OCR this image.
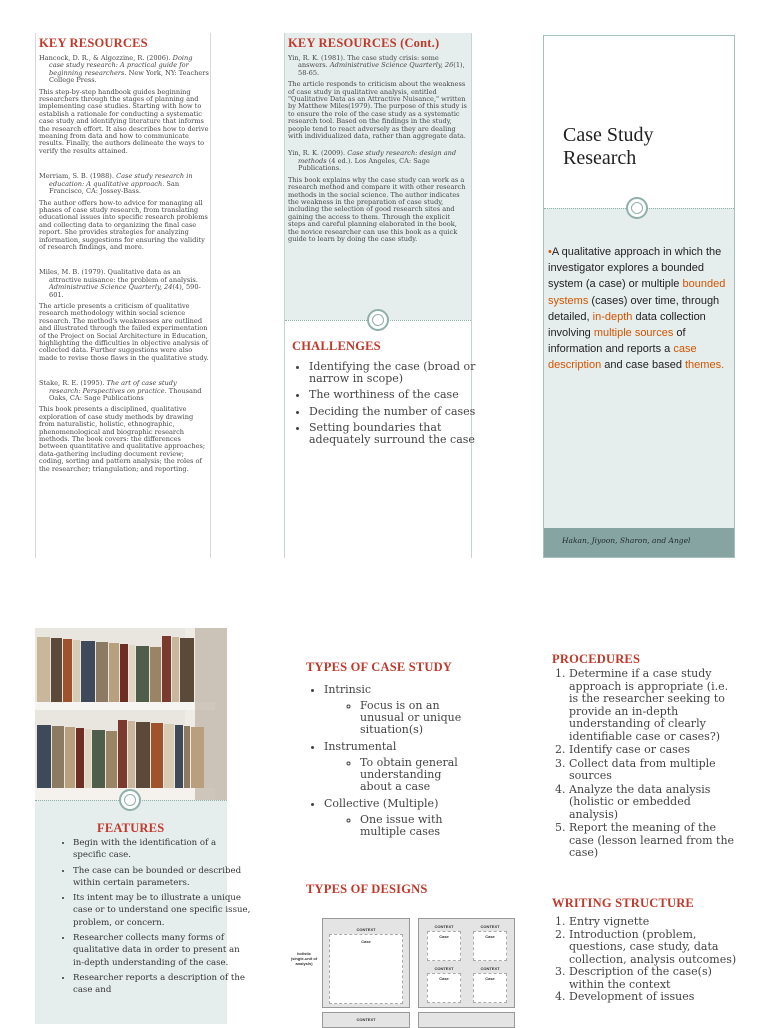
KEY RESOURCES
Hancock, D. R., & Algozzine, R. (2006). Doing case study research: A practical guide for beginning researchers. New York, NY: Teachers College Press.
This step-by-step handbook guides beginning researchers through the stages of planning and implementing case studies. Starting with how to establish a rationale for conducting a systematic case study and identifying literature that informs the research effort. It also describes how to derive meaning from data and how to communicate results. Finally, the authors delineate the ways to verify the results attained.
Merriam, S. B. (1988). Case study research in education: A qualitative approach. San Francisco, CA: Jossey-Bass.
The author offers how-to advice for managing all phases of case study research, from translating educational issues into specific research problems and collecting data to organizing the final case report. She provides strategies for analyzing information, suggestions for ensuring the validity of research findings, and more.
Miles, M. B. (1979). Qualitative data as an attractive nuisance: the problem of analysis. Administrative Science Quarterly, 24(4), 590-601.
The article presents a criticism of qualitative research methodology within social science research. The method's weaknesses are outlined and illustrated through the failed experimentation of the Project on Social Architecture in Education, highlighting the difficulties in objective analysis of collected data. Further suggestions were also made to revise those flaws in the qualitative study.
Stake, R. E. (1995). The art of case study research: Perspectives on practice. Thousand Oaks, CA: Sage Publications
This book presents a disciplined, qualitative exploration of case study methods by drawing from naturalistic, holistic, ethnographic, phenomenological and biographic research methods. The book covers: the differences between quantitative and qualitative approaches; data-gathering including document review; coding, sorting and pattern analysis; the roles of the researcher; triangulation; and reporting.
KEY RESOURCES (Cont.)
Yin, R. K. (1981). The case study crisis: some answers. Administrative Science Quarterly, 26(1), 58-65.
The article responds to criticism about the weakness of case study in qualitative analysis, entitled "Qualitative Data as an Attractive Nuisance," written by Matthew Miles(1979). The purpose of this study is to ensure the role of the case study as a systematic research tool. Based on the findings in the study, people tend to react adversely as they are dealing with individualized data, rather than aggregate data.
Yin, R. K. (2009). Case study research: design and methods (4 ed.). Los Angeles, CA: Sage Publications.
This book explains why the case study can work as a research method and compare it with other research methods in the social science. The author indicates the weakness in the preparation of case study, including the selection of good research sites and gaining the access to them. Through the explicit steps and careful planning elaborated in the book, the novice researcher can use this book as a quick guide to learn by doing the case study.
CHALLENGES
• Identifying the case (broad or narrow in scope)
• The worthiness of the case
• Deciding the number of cases
• Setting boundaries that adequately surround the case
Case Study
Research
•A qualitative approach in which the investigator explores a bounded system (a case) or multiple bounded systems (cases) over time, through detailed, in-depth data collection involving multiple sources of information and reports a case description and case based themes.
Hakan, Jiyoon, Sharon, and Angel
FEATURES
• Begin with the identification of a specific case.
• The case can be bounded or described within certain parameters.
• Its intent may be to illustrate a unique case or to understand one specific issue, problem, or concern.
• Researcher collects many forms of qualitative data in order to present an in-depth understanding of the case.
• Researcher reports a description of the case and
TYPES OF CASE STUDY
• Intrinsic
◦ Focus is on an unusual or unique situation(s)
• Instrumental
◦ To obtain general understanding about a case
• Collective (Multiple)
◦ One issue with multiple cases
TYPES OF DESIGNS
holistic (single-unit of analysis)
CONTEXT
Case
CONTEXT
Case
CONTEXT
Case
CONTEXT
Case
CONTEXT
Case
CONTEXT
PROCEDURES
1. Determine if a case study approach is appropriate (i.e. is the researcher seeking to provide an in-depth understanding of clearly identifiable case or cases?)
2. Identify case or cases
3. Collect data from multiple sources
4. Analyze the data analysis (holistic or embedded analysis)
5. Report the meaning of the case (lesson learned from the case)
WRITING STRUCTURE
1. Entry vignette
2. Introduction (problem, questions, case study, data collection, analysis outcomes)
3. Description of the case(s) within the context
4. Development of issues
